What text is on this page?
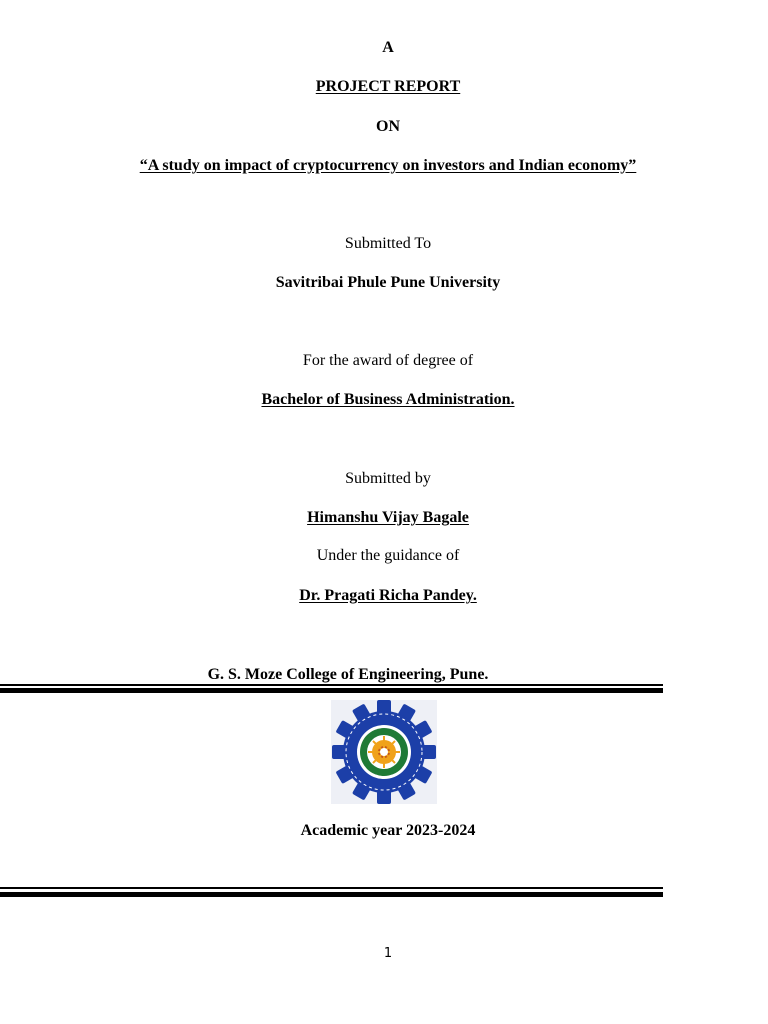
A
PROJECT REPORT
ON
“A study on impact of cryptocurrency on investors and Indian economy”
Submitted To
Savitribai Phule Pune University
For the award of degree of
Bachelor of Business Administration.
Submitted by
Himanshu Vijay Bagale
Under the guidance of
Dr. Pragati Richa Pandey.
G. S. Moze College of Engineering, Pune.
Academic year 2023-2024
1
